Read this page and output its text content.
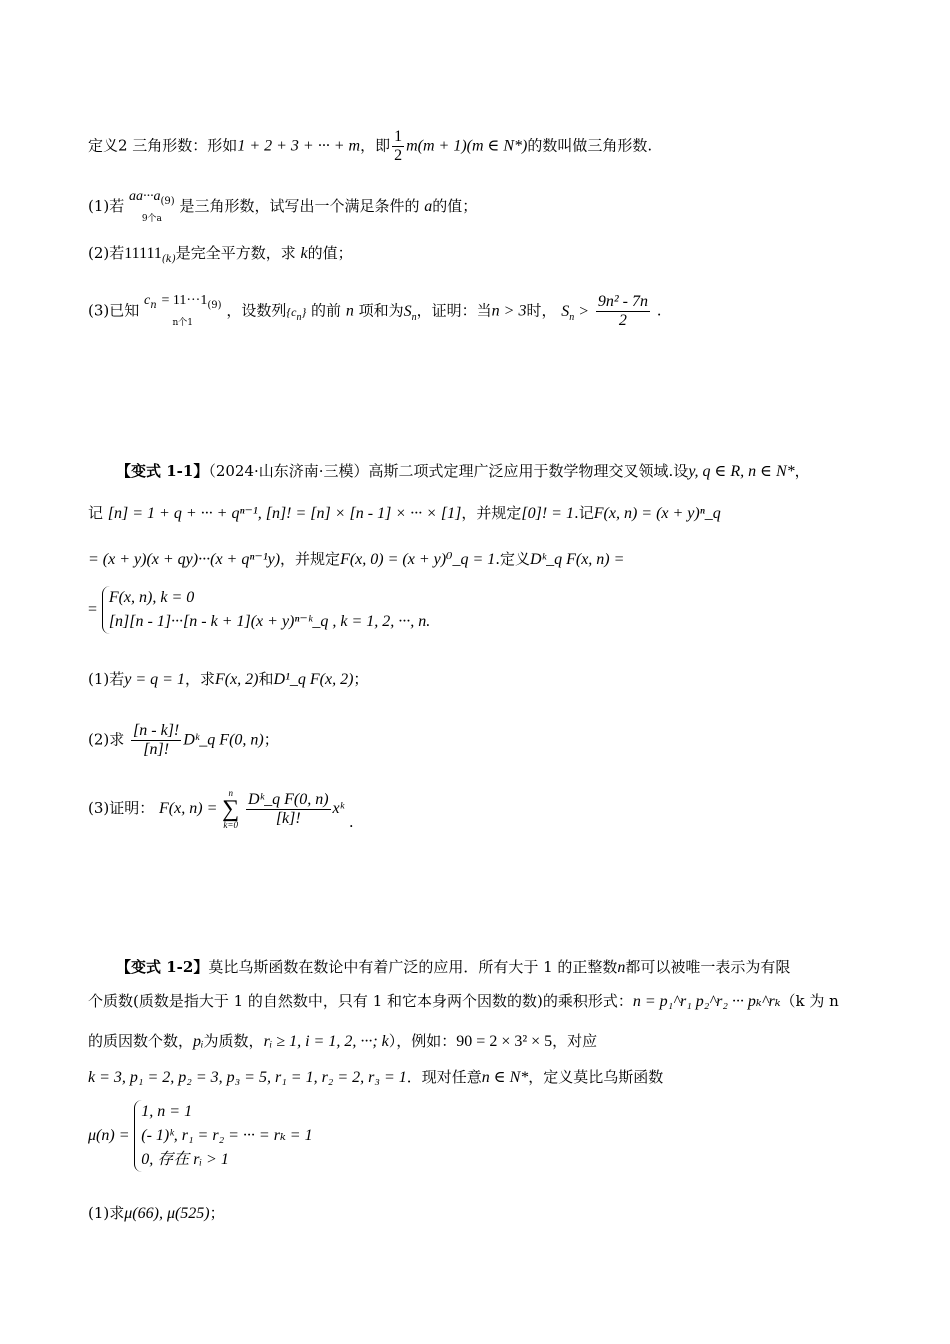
定义2 三角形数：形如1 + 2 + 3 + ··· + m，即 $\frac{1}{2} m(m + 1)(m$ ∈ N*)的数叫做三角形数.
(1)若 $aa\cdot\cdot\cdot a_{(9)}$
9个a 是三角形数，试写出一个满足条件的 a的值；
(2)若$11111_{(k)}$是完全平方数，求 k的值；
(3)已知 $c_n = 11\cdot\cdot\cdot 1_{(9)}$
n个1 ，设数列$\{c_n\}$ 的前 n 项和为$S_n$，证明：当n > 3时， $S_n > \frac{\text{9n² - 7n}}{2}$ .
【变式 1-1】（2024·山东济南·三模）高斯二项式定理广泛应用于数学物理交叉领域.设y, q ∈ R, n ∈ N*，
记 [n] = 1 + q + ··· + qⁿ⁻¹, [n]! = [n] × [n - 1] × ··· × [1]，并规定[0]! = 1.记F(x, n) = (x + y)ⁿ_q
= (x + y)(x + qy)···(x + qⁿ⁻¹y)，并规定F(x, 0) = (x + y)⁰_q = 1.定义Dᵏ_q F(x, n) =
=
F(x, n), k = 0
[n][n - 1]···[n - k + 1](x + y)ⁿ⁻ᵏ_q , k = 1, 2, ···, n.
(1)若y = q = 1，求F(x, 2)和D¹_q F(x, 2)；
(2)求 $\frac{[n - k]!}{[n]!}$ Dᵏ_q F(0, n)；
(3)证明： F(x, n) =
n
∑
k=0
$\frac{\text{Dᵏ\_q F(0, n)}}{[k]!}$ xᵏ .
【变式 1-2】莫比乌斯函数在数论中有着广泛的应用．所有大于 1 的正整数n都可以被唯一表示为有限
个质数(质数是指大于 1 的自然数中，只有 1 和它本身两个因数的数)的乘积形式：n = p₁^r₁ p₂^r₂ ··· pₖ^rₖ（k 为 n
的质因数个数，pᵢ为质数，rᵢ ≥ 1, i = 1, 2, ···; k），例如：90 = 2 × 3² × 5，对应
k = 3, p₁ = 2, p₂ = 3, p₃ = 5, r₁ = 1, r₂ = 2, r₃ = 1．现对任意n ∈ N*，定义莫比乌斯函数
μ(n) =
1, n = 1
(- 1)ᵏ, r₁ = r₂ = ··· = rₖ = 1
0, 存在 rᵢ > 1
(1)求μ(66), μ(525)；
